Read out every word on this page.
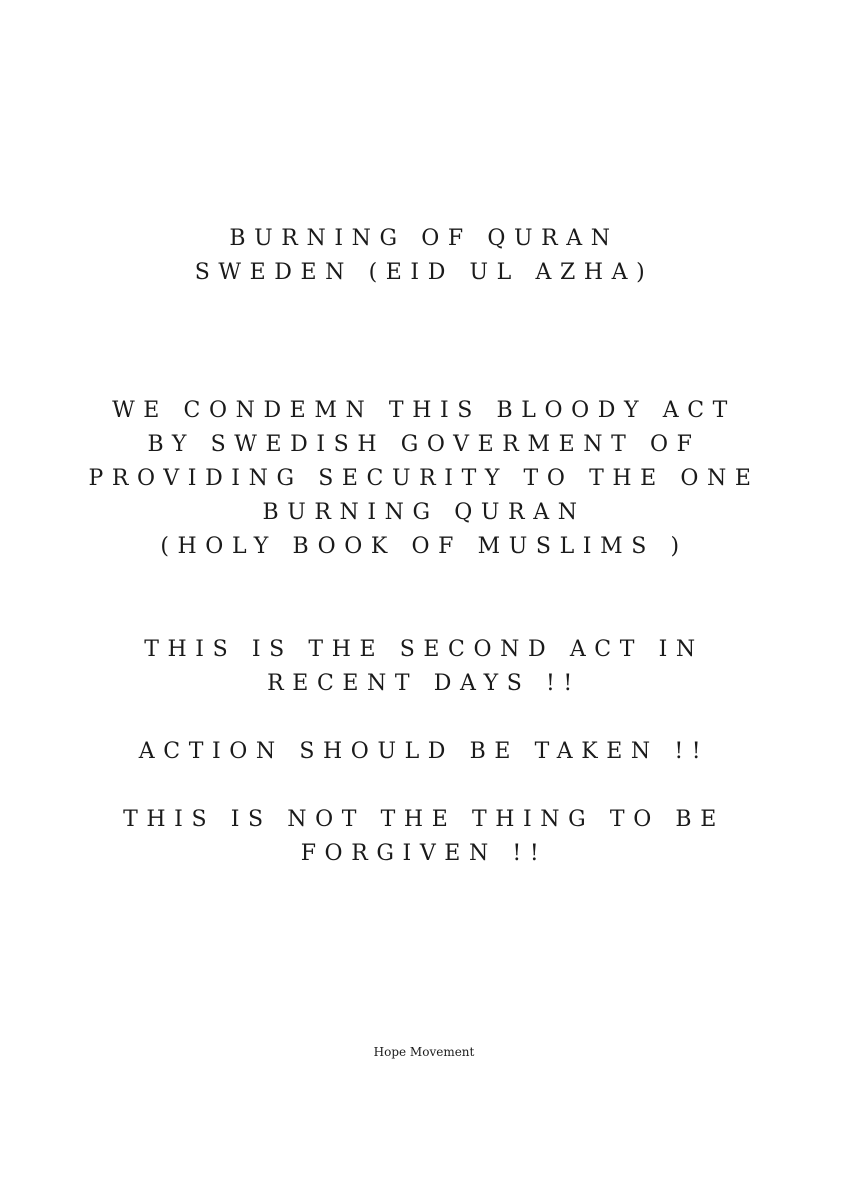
BURNING OF QURAN
SWEDEN (EID UL AZHA)
WE CONDEMN THIS BLOODY ACT
BY SWEDISH GOVERMENT OF
PROVIDING SECURITY TO THE ONE
BURNING QURAN
(HOLY BOOK OF MUSLIMS )
THIS IS THE SECOND ACT IN
RECENT DAYS !!
ACTION SHOULD BE TAKEN !!
THIS IS NOT THE THING TO BE
FORGIVEN !!
Hope Movement
